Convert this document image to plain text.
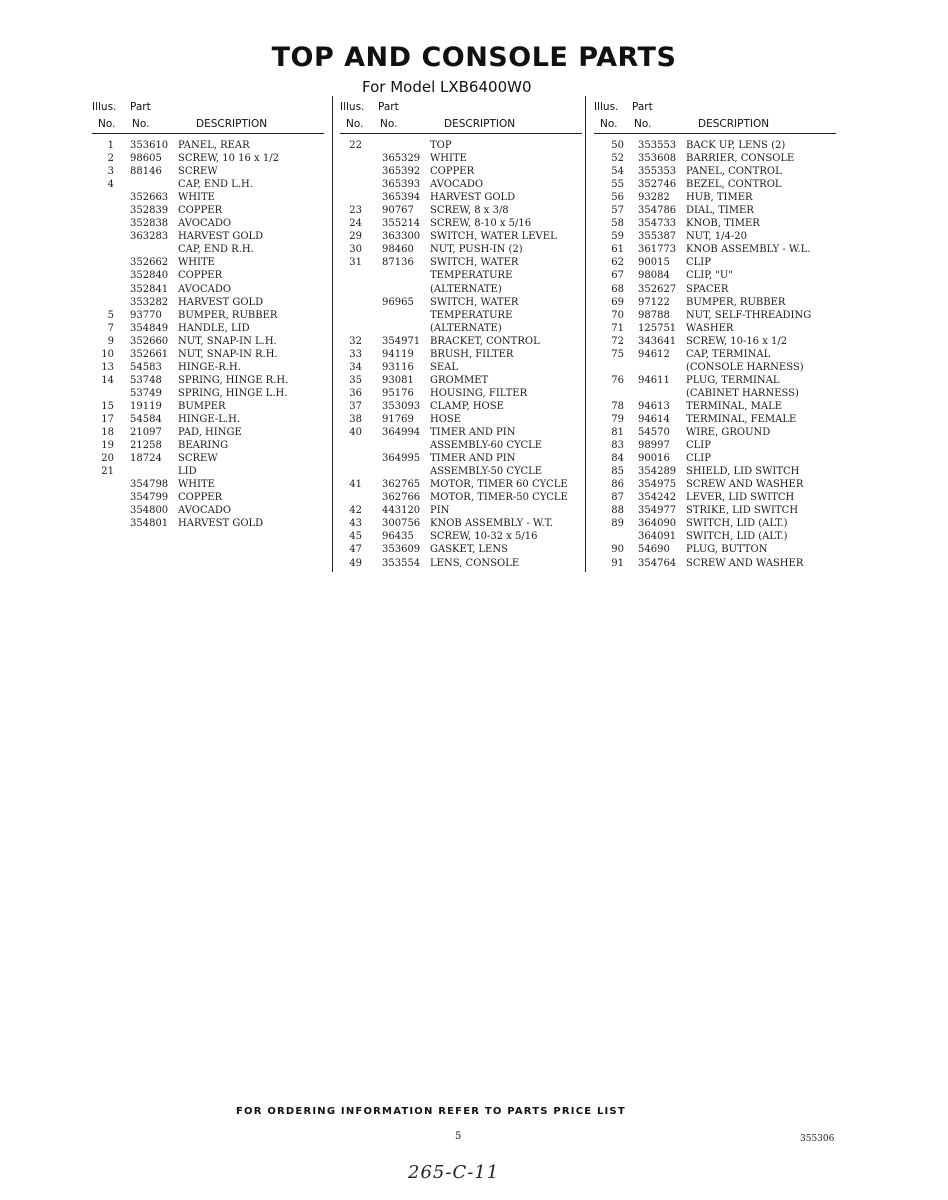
TOP AND CONSOLE PARTS
For Model LXB6400W0
Illus. Part
No. No.	DESCRIPTION
1 353610 PANEL, REAR
2 98605 SCREW, 10 16 x 1/2
3 88146 SCREW
4	CAP, END L.H.
352663 WHITE
352839 COPPER
352838 AVOCADO
363283 HARVEST GOLD
CAP, END R.H.
352662 WHITE
352840 COPPER
352841 AVOCADO
353282 HARVEST GOLD
5 93770 BUMPER, RUBBER
7 354849 HANDLE, LID
9 352660 NUT, SNAP-IN L.H.
10 352661 NUT, SNAP-IN R.H.
13 54583 HINGE-R.H.
14 53748 SPRING, HINGE R.H.
53749 SPRING, HINGE L.H.
15 19119 BUMPER
17 54584 HINGE-L.H.
18 21097 PAD, HINGE
19 21258 BEARING
20 18724 SCREW
21	LID
354798 WHITE
354799 COPPER
354800 AVOCADO
354801 HARVEST GOLD
Illus. Part
No. No.	DESCRIPTION
22	TOP
365329 WHITE
365392 COPPER
365393 AVOCADO
365394 HARVEST GOLD
23 90767 SCREW, 8 x 3/8
24 355214 SCREW, 8-10 x 5/16
29 363300 SWITCH, WATER LEVEL
30 98460 NUT, PUSH-IN (2)
31 87136 SWITCH, WATER
TEMPERATURE
(ALTERNATE)
96965 SWITCH, WATER
TEMPERATURE
(ALTERNATE)
32 354971 BRACKET, CONTROL
33 94119 BRUSH, FILTER
34 93116 SEAL
35 93081 GROMMET
36 95176 HOUSING, FILTER
37 353093 CLAMP, HOSE
38 91769 HOSE
40 364994 TIMER AND PIN
ASSEMBLY-60 CYCLE
364995 TIMER AND PIN
ASSEMBLY-50 CYCLE
41 362765 MOTOR, TIMER 60 CYCLE
362766 MOTOR, TIMER-50 CYCLE
42 443120 PIN
43 300756 KNOB ASSEMBLY - W.T.
45 96435 SCREW, 10-32 x 5/16
47 353609 GASKET, LENS
49 353554 LENS, CONSOLE
Illus. Part
No. No.	DESCRIPTION
50 353553 BACK UP, LENS (2)
52 353608 BARRIER, CONSOLE
54 355353 PANEL, CONTROL
55 352746 BEZEL, CONTROL
56 93282 HUB, TIMER
57 354786 DIAL, TIMER
58 354733 KNOB, TIMER
59 355387 NUT, 1/4-20
61 361773 KNOB ASSEMBLY - W.L.
62 90015 CLIP
67 98084 CLIP, "U"
68 352627 SPACER
69 97122 BUMPER, RUBBER
70 98788 NUT, SELF-THREADING
71 125751 WASHER
72 343641 SCREW, 10-16 x 1/2
75 94612 CAP, TERMINAL
(CONSOLE HARNESS)
76 94611 PLUG, TERMINAL
(CABINET HARNESS)
78 94613 TERMINAL, MALE
79 94614 TERMINAL, FEMALE
81 54570 WIRE, GROUND
83 98997 CLIP
84 90016 CLIP
85 354289 SHIELD, LID SWITCH
86 354975 SCREW AND WASHER
87 354242 LEVER, LID SWITCH
88 354977 STRIKE, LID SWITCH
89 364090 SWITCH, LID (ALT.)
364091 SWITCH, LID (ALT.)
90 54690 PLUG, BUTTON
91 354764 SCREW AND WASHER
FOR ORDERING INFORMATION REFER TO PARTS PRICE LIST
5	355306
265-C-11
